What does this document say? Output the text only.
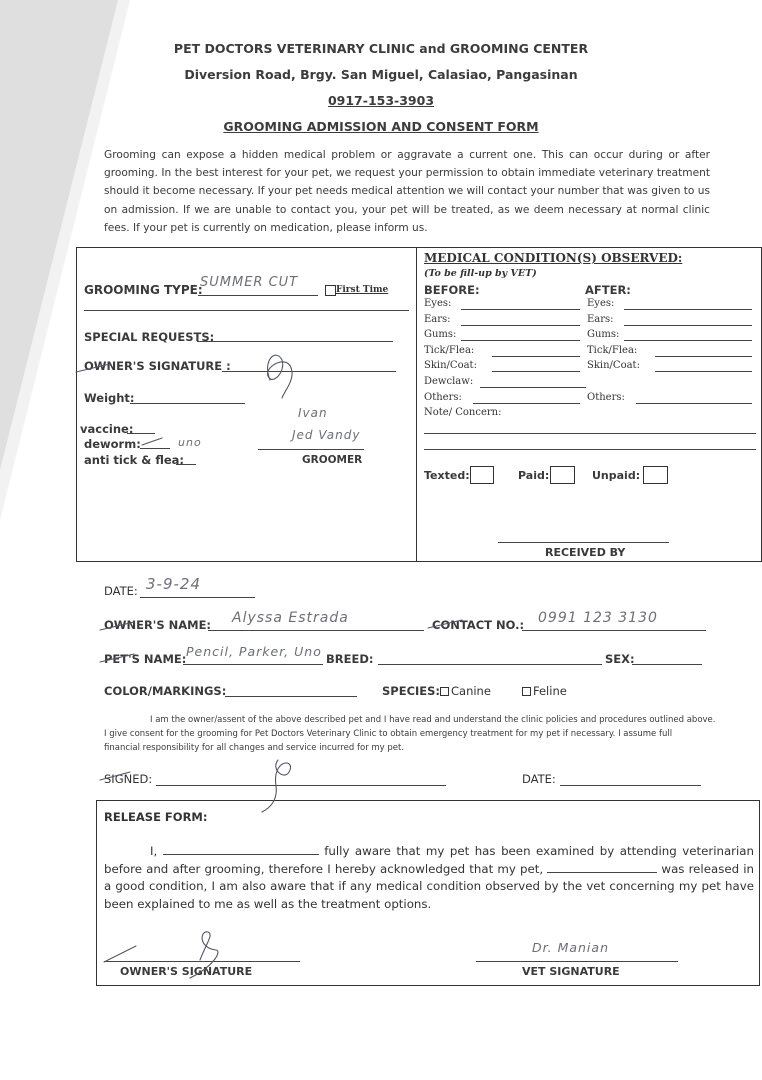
PET DOCTORS VETERINARY CLINIC and GROOMING CENTER
Diversion Road, Brgy. San Miguel, Calasiao, Pangasinan
0917-153-3903
GROOMING ADMISSION AND CONSENT FORM
Grooming can expose a hidden medical problem or aggravate a current one. This can occur during or after grooming. In the best interest for your pet, we request your permission to obtain immediate veterinary treatment should it become necessary. If your pet needs medical attention we will contact your number that was given to us on admission. If we are unable to contact you, your pet will be treated, as we deem necessary at normal clinic fees. If your pet is currently on medication, please inform us.
GROOMING TYPE:
SUMMER CUT	First Time
SPECIAL REQUESTS:
OWNER'S SIGNATURE :
Weight:
vaccine:
deworm:	uno
anti tick & flea:
Ivan
Jed Vandy
GROOMER
MEDICAL CONDITION(S) OBSERVED:
(To be fill-up by VET)
BEFORE:	AFTER:
Eyes:	Eyes:
Ears:	Ears:
Gums:	Gums:
Tick/Flea:	Tick/Flea:
Skin/Coat:	Skin/Coat:
Dewclaw:
Others:	Others:
Note/ Concern:
Texted:	Paid:	Unpaid:
RECEIVED BY
DATE: 3-9-24
OWNER'S NAME: Alyssa Estrada	CONTACT NO.: 0991 123 3130
PET'S NAME: Pencil, Parker, Uno BREED:	SEX:
COLOR/MARKINGS:	SPECIES: Canine	Feline
I am the owner/assent of the above described pet and I have read and understand the clinic policies and procedures outlined above.
I give consent for the grooming for Pet Doctors Veterinary Clinic to obtain emergency treatment for my pet if necessary. I assume full financial responsibility for all changes and service incurred for my pet.
SIGNED:	DATE:
RELEASE FORM:
I,	fully aware that my pet has been examined by attending veterinarian before and after grooming, therefore I hereby acknowledged that my pet,	was released in a good condition, I am also aware that if any medical condition observed by the vet concerning my pet have been explained to me as well as the treatment options.
OWNER'S SIGNATURE
Dr. Manian
VET SIGNATURE
